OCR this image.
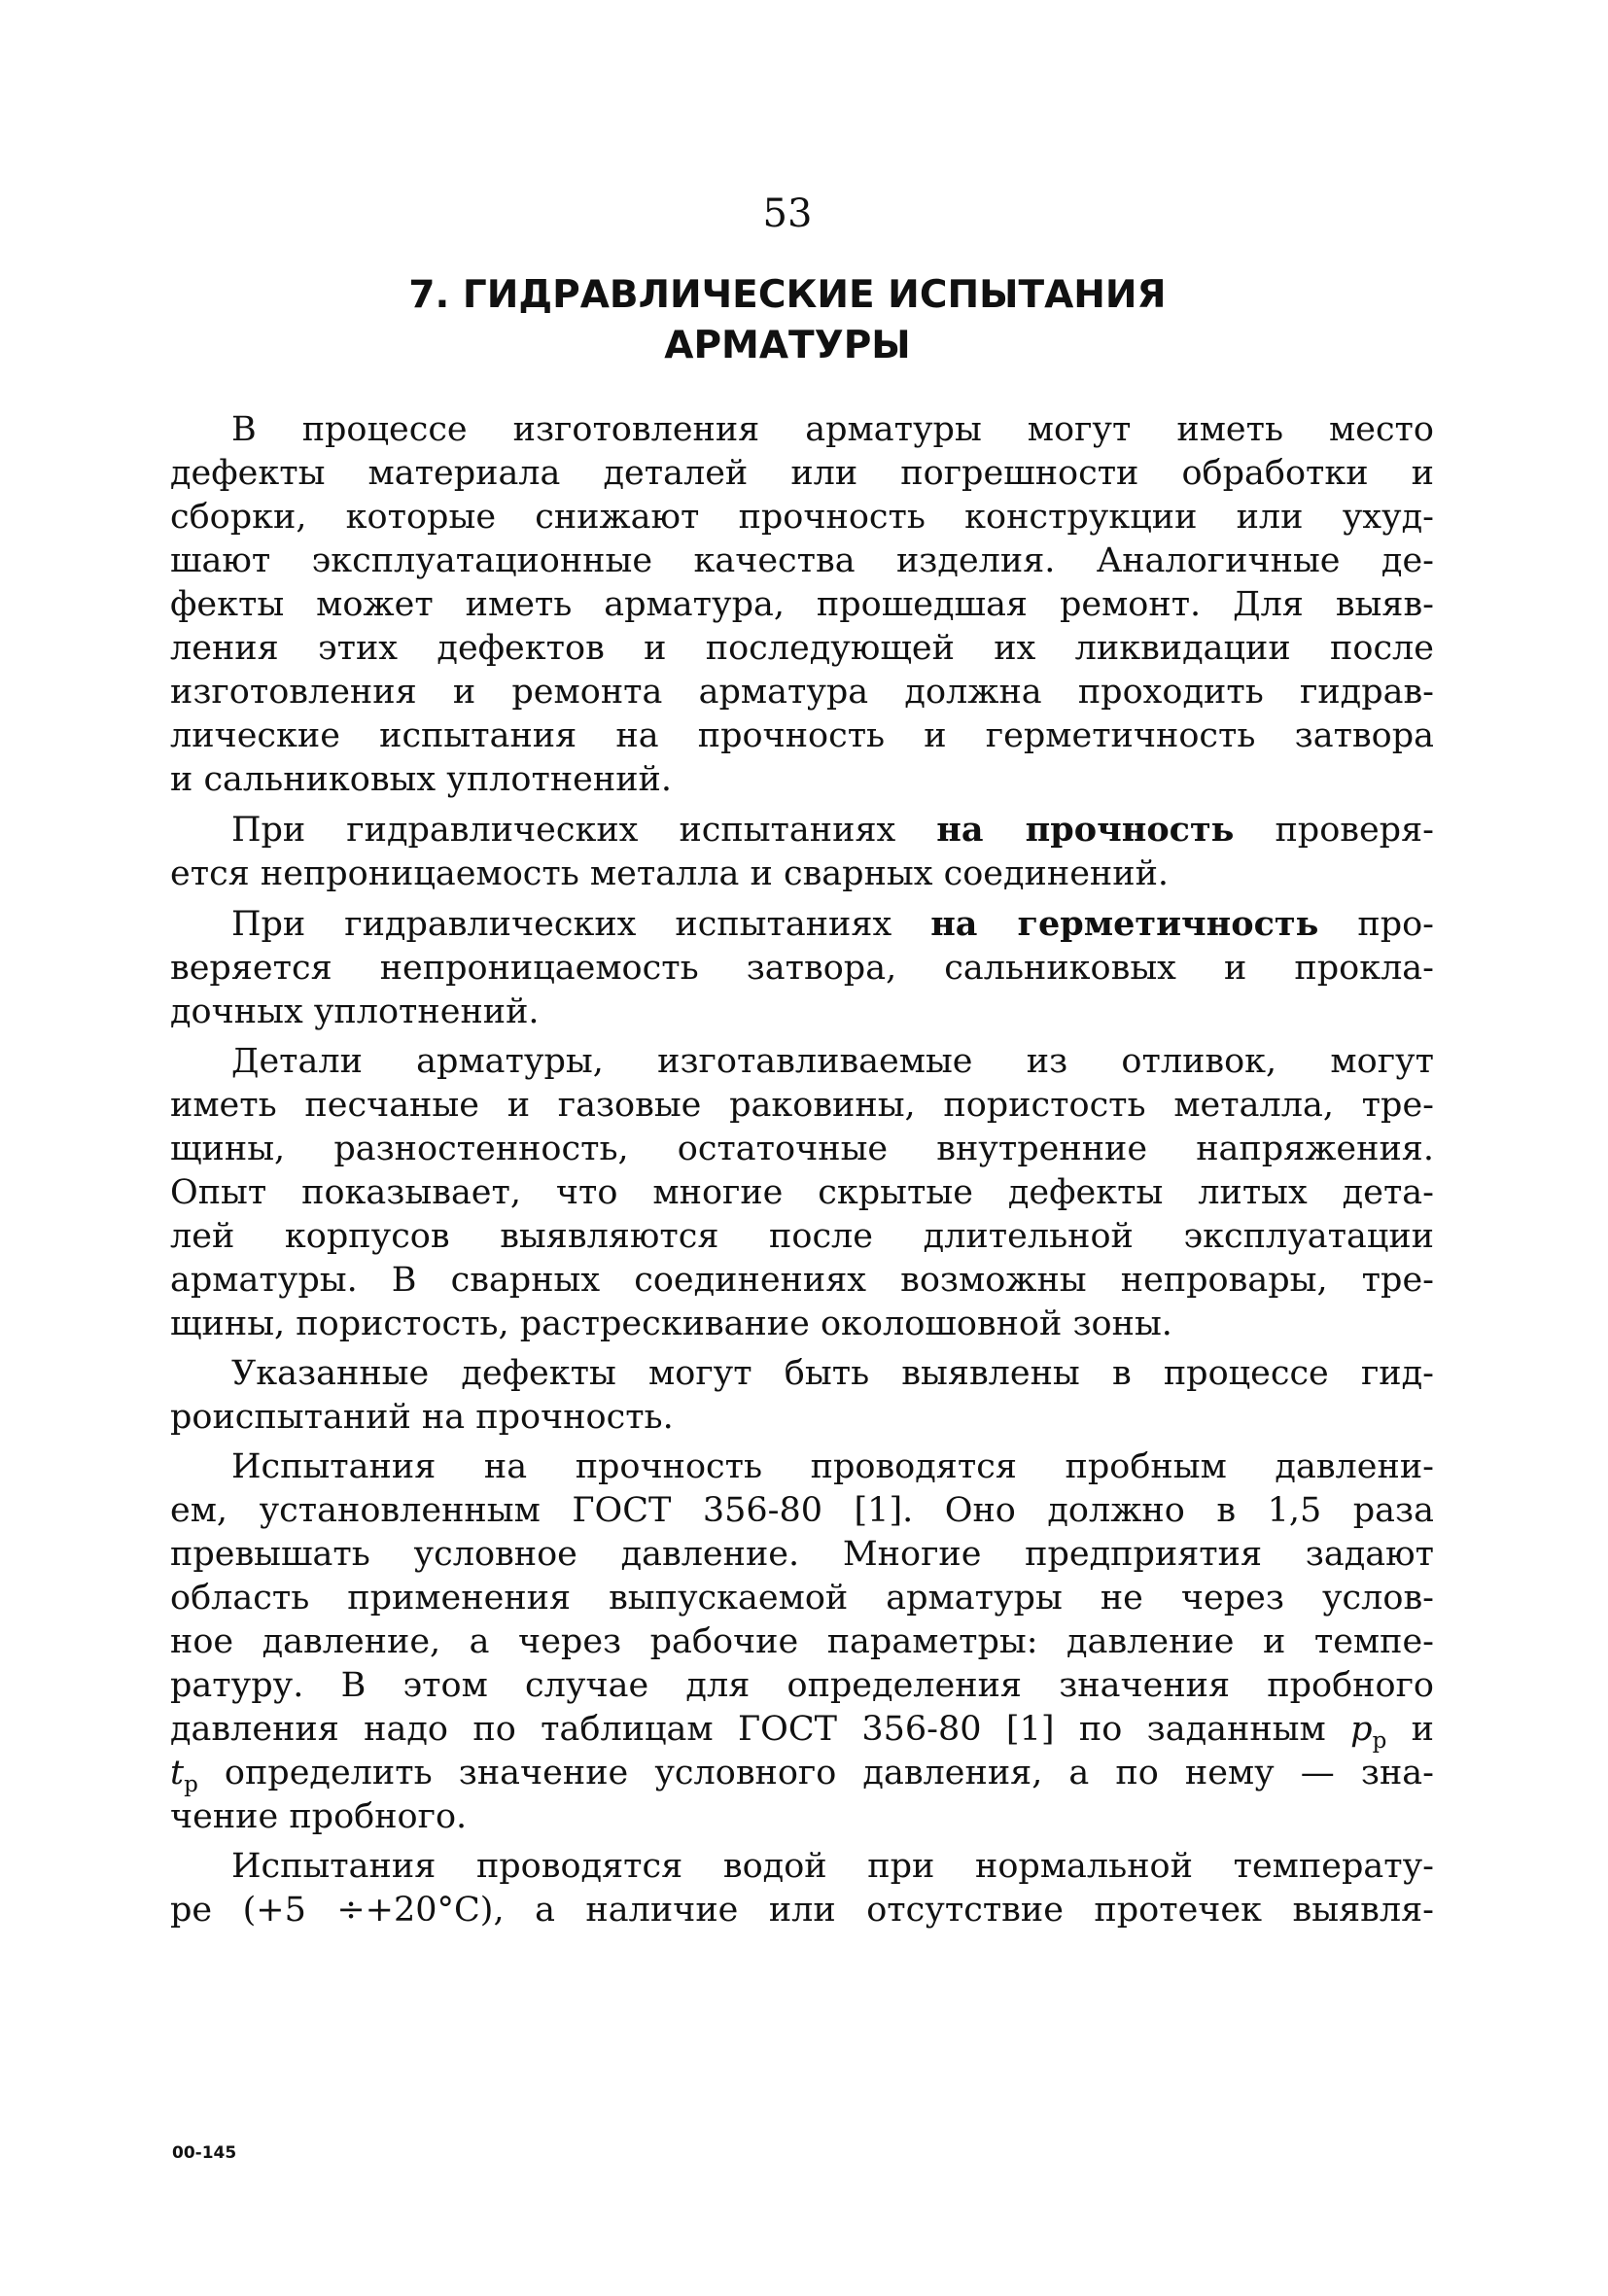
53
7. ГИДРАВЛИЧЕСКИЕ ИСПЫТАНИЯ
АРМАТУРЫ
В процессе изготовления арматуры могут иметь место
дефекты материала деталей или погрешности обработки и
сборки, которые снижают прочность конструкции или ухуд-
шают эксплуатационные качества изделия. Аналогичные де-
фекты может иметь арматура, прошедшая ремонт. Для выяв-
ления этих дефектов и последующей их ликвидации после
изготовления и ремонта арматура должна проходить гидрав-
лические испытания на прочность и герметичность затвора
и сальниковых уплотнений.
При гидравлических испытаниях на прочность проверя-
ется непроницаемость металла и сварных соединений.
При гидравлических испытаниях на герметичность про-
веряется непроницаемость затвора, сальниковых и прокла-
дочных уплотнений.
Детали арматуры, изготавливаемые из отливок, могут
иметь песчаные и газовые раковины, пористость металла, тре-
щины, разностенность, остаточные внутренние напряжения.
Опыт показывает, что многие скрытые дефекты литых дета-
лей корпусов выявляются после длительной эксплуатации
арматуры. В сварных соединениях возможны непровары, тре-
щины, пористость, растрескивание околошовной зоны.
Указанные дефекты могут быть выявлены в процессе гид-
роиспытаний на прочность.
Испытания на прочность проводятся пробным давлени-
ем, установленным ГОСТ 356-80 [1]. Оно должно в 1,5 раза
превышать условное давление. Многие предприятия задают
область применения выпускаемой арматуры не через услов-
ное давление, а через рабочие параметры: давление и темпе-
ратуру. В этом случае для определения значения пробного
давления надо по таблицам ГОСТ 356-80 [1] по заданным $p_р$ и
$t_р$ определить значение условного давления, а по нему — зна-
чение пробного.
Испытания проводятся водой при нормальной температу-
ре (+5 ÷+20°С), а наличие или отсутствие протечек выявля-
00-145
